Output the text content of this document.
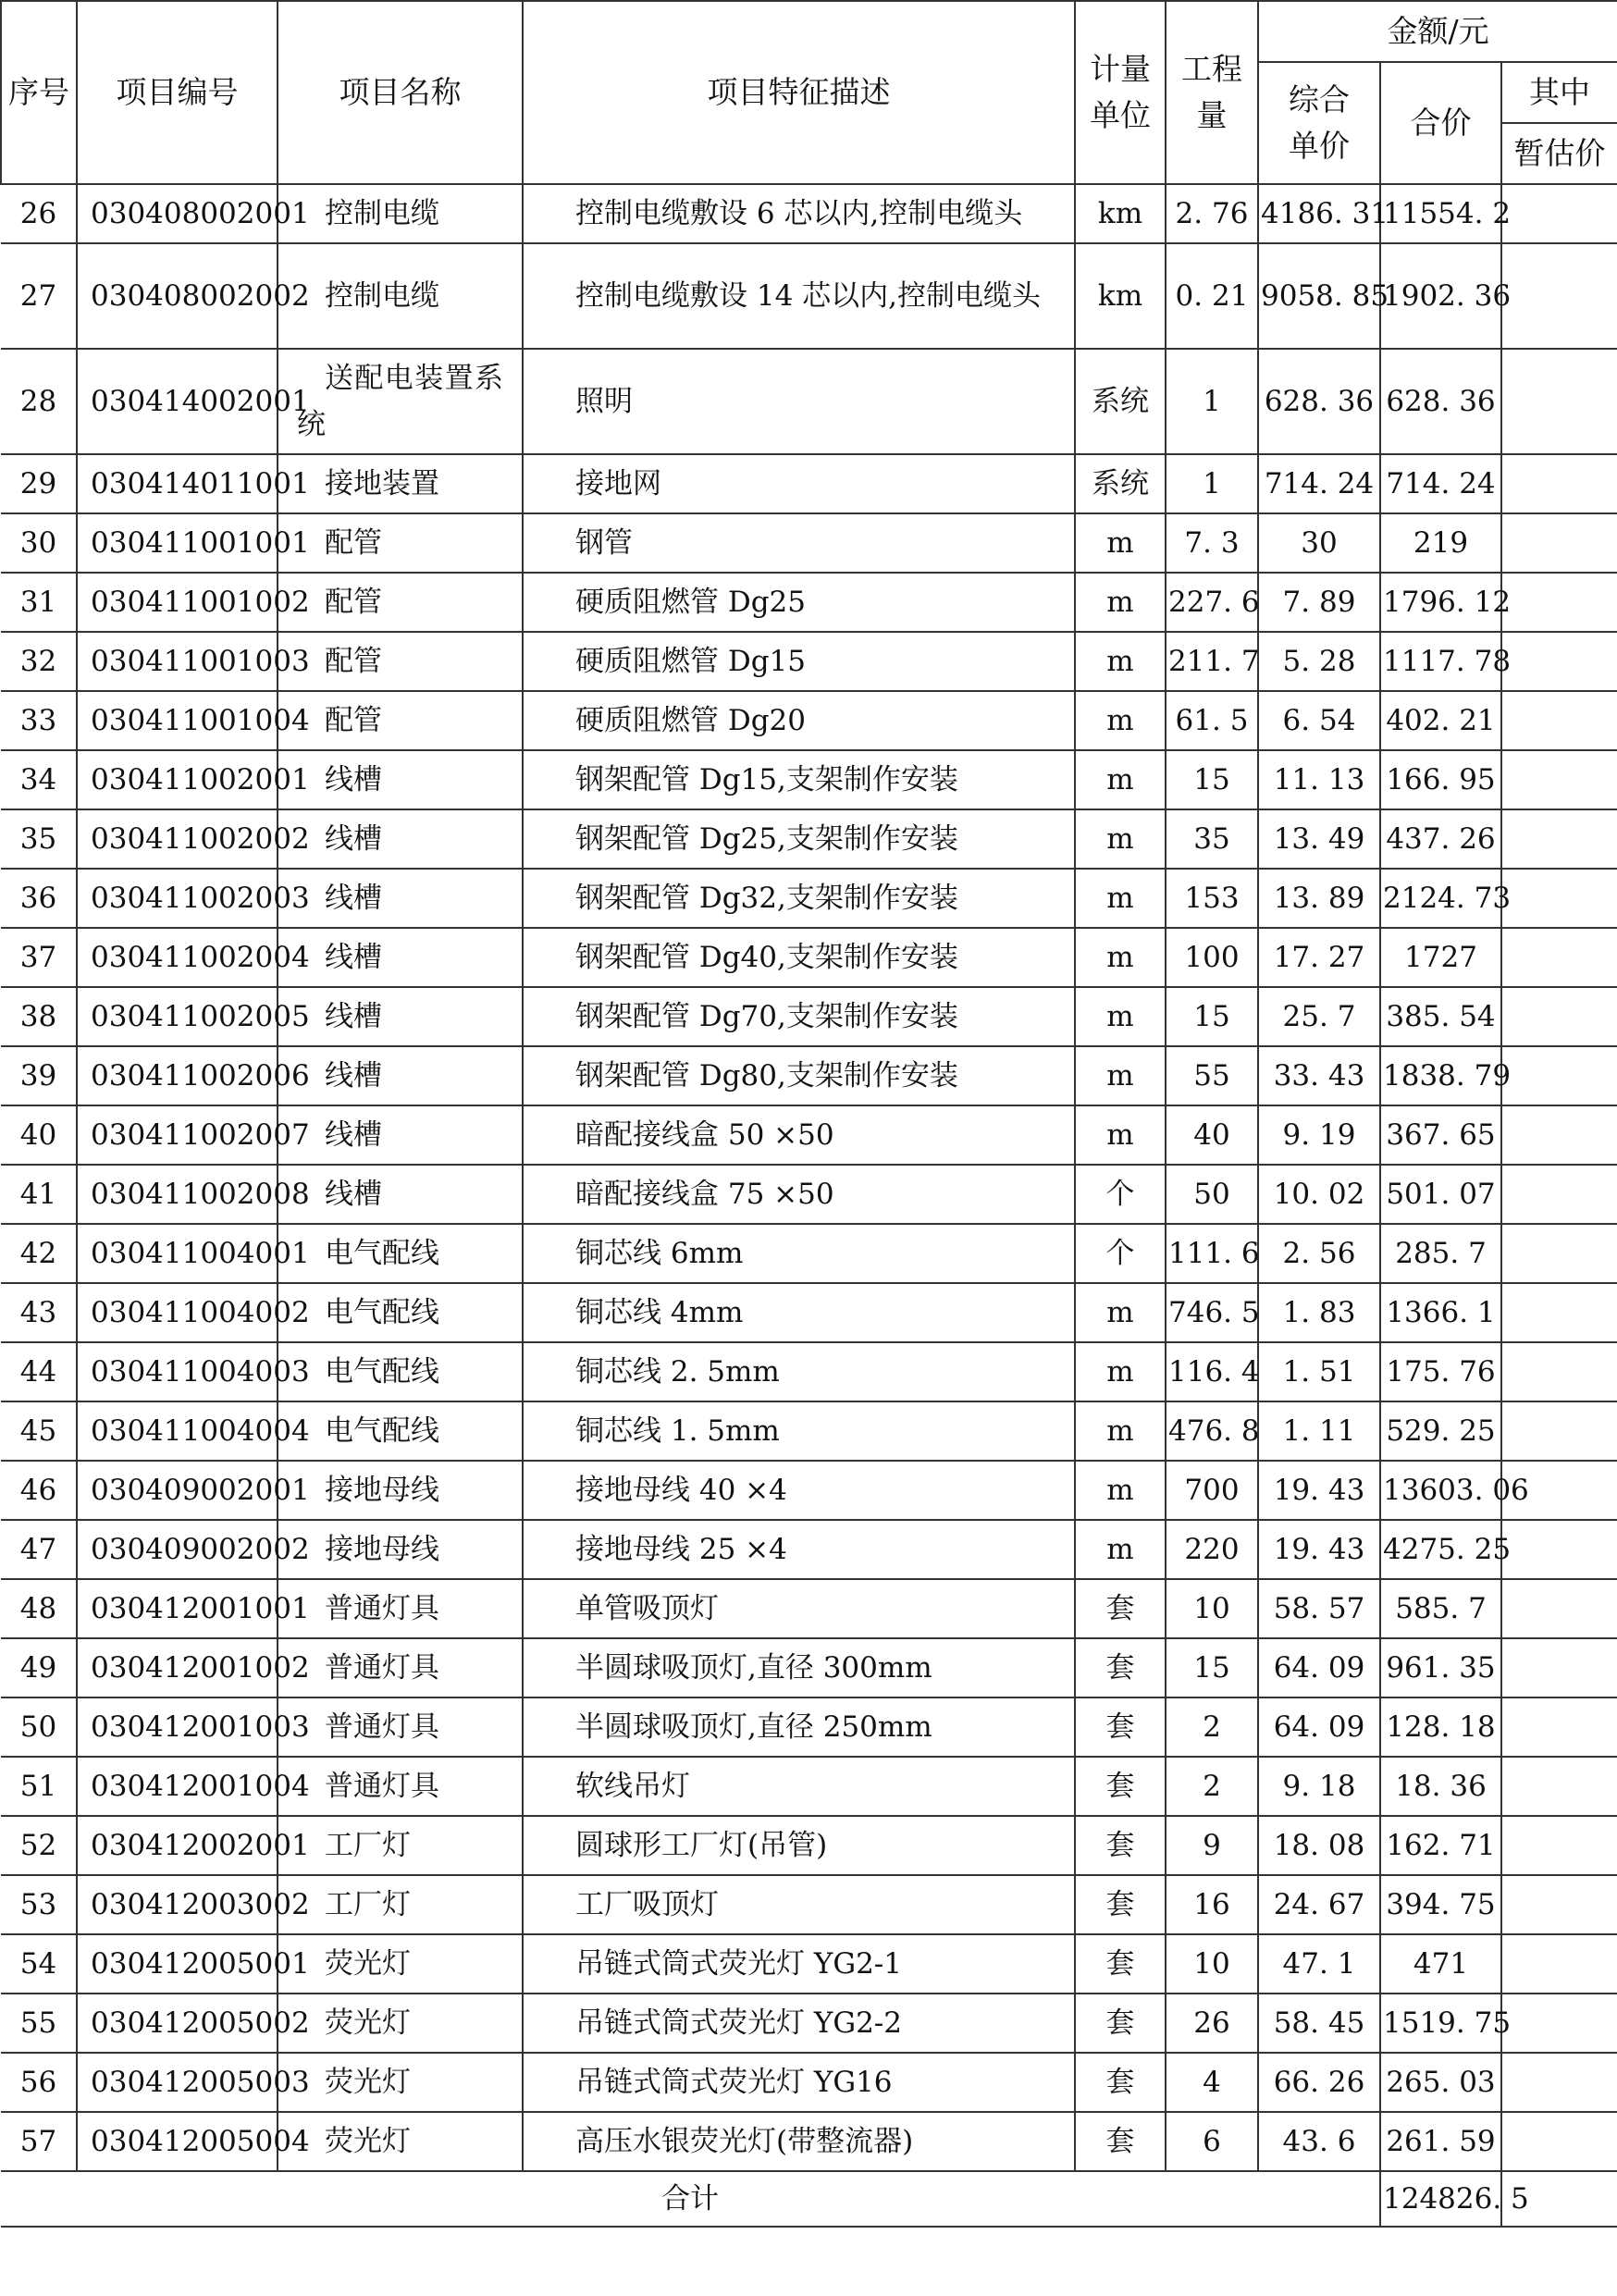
序号	项目编号	项目名称	项目特征描述	计量
单位	工程量	金额/元		
						综合
单价	合价	其中
								暂估价
26	030408002001	控制电缆	控制电缆敷设 6 芯以内,控制电缆头	km	2. 76	4186. 31	11554. 2	
27	030408002002	控制电缆	控制电缆敷设 14 芯以内,控制电缆头	km	0. 21	9058. 85	1902. 36	
28	030414002001	送配电装置系统	照明	系统	1	628. 36	628. 36	
29	030414011001	接地装置	接地网	系统	1	714. 24	714. 24	
30	030411001001	配管	钢管	m	7. 3	30	219	
31	030411001002	配管	硬质阻燃管 Dg25	m	227. 6	7. 89	1796. 12	
32	030411001003	配管	硬质阻燃管 Dg15	m	211. 7	5. 28	1117. 78	
33	030411001004	配管	硬质阻燃管 Dg20	m	61. 5	6. 54	402. 21	
34	030411002001	线槽	钢架配管 Dg15,支架制作安装	m	15	11. 13	166. 95	
35	030411002002	线槽	钢架配管 Dg25,支架制作安装	m	35	13. 49	437. 26	
36	030411002003	线槽	钢架配管 Dg32,支架制作安装	m	153	13. 89	2124. 73	
37	030411002004	线槽	钢架配管 Dg40,支架制作安装	m	100	17. 27	1727	
38	030411002005	线槽	钢架配管 Dg70,支架制作安装	m	15	25. 7	385. 54	
39	030411002006	线槽	钢架配管 Dg80,支架制作安装	m	55	33. 43	1838. 79	
40	030411002007	线槽	暗配接线盒 50 ×50	m	40	9. 19	367. 65	
41	030411002008	线槽	暗配接线盒 75 ×50	个	50	10. 02	501. 07	
42	030411004001	电气配线	铜芯线 6mm	个	111. 6	2. 56	285. 7	
43	030411004002	电气配线	铜芯线 4mm	m	746. 5	1. 83	1366. 1	
44	030411004003	电气配线	铜芯线 2. 5mm	m	116. 4	1. 51	175. 76	
45	030411004004	电气配线	铜芯线 1. 5mm	m	476. 8	1. 11	529. 25	
46	030409002001	接地母线	接地母线 40 ×4	m	700	19. 43	13603. 06	
47	030409002002	接地母线	接地母线 25 ×4	m	220	19. 43	4275. 25	
48	030412001001	普通灯具	单管吸顶灯	套	10	58. 57	585. 7	
49	030412001002	普通灯具	半圆球吸顶灯,直径 300mm	套	15	64. 09	961. 35	
50	030412001003	普通灯具	半圆球吸顶灯,直径 250mm	套	2	64. 09	128. 18	
51	030412001004	普通灯具	软线吊灯	套	2	9. 18	18. 36	
52	030412002001	工厂灯	圆球形工厂灯(吊管)	套	9	18. 08	162. 71	
53	030412003002	工厂灯	工厂吸顶灯	套	16	24. 67	394. 75	
54	030412005001	荧光灯	吊链式筒式荧光灯 YG2-1	套	10	47. 1	471	
55	030412005002	荧光灯	吊链式筒式荧光灯 YG2-2	套	26	58. 45	1519. 75	
56	030412005003	荧光灯	吊链式筒式荧光灯 YG16	套	4	66. 26	265. 03	
57	030412005004	荧光灯	高压水银荧光灯(带整流器)	套	6	43. 6	261. 59	
合计							124826. 5	
